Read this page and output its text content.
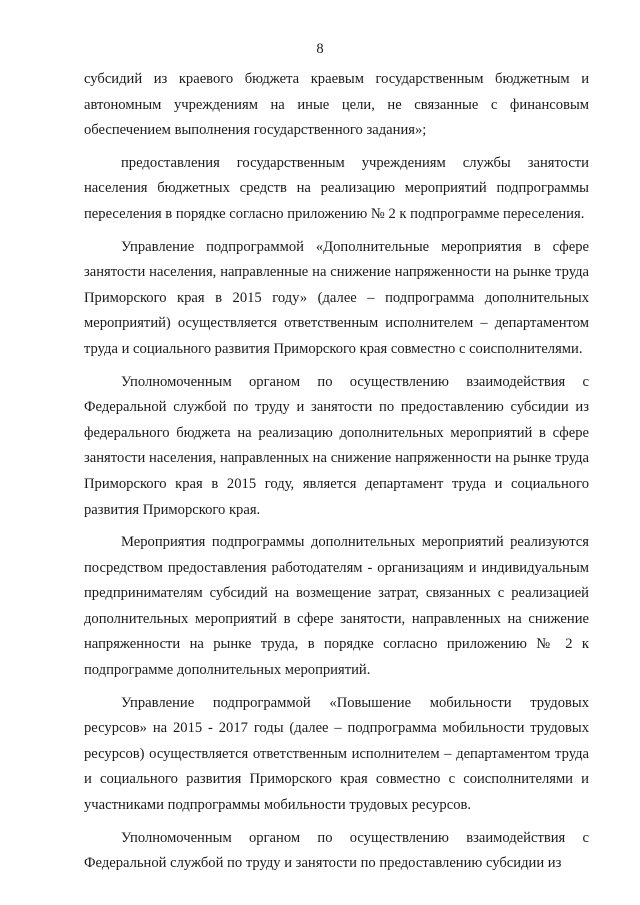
8

субсидий из краевого бюджета краевым государственным бюджетным и автономным учреждениям на иные цели, не связанные с финансовым обеспечением выполнения государственного задания»;

предоставления государственным учреждениям службы занятости населения бюджетных средств на реализацию мероприятий подпрограммы переселения в порядке согласно приложению № 2 к подпрограмме переселения.

Управление подпрограммой «Дополнительные мероприятия в сфере занятости населения, направленные на снижение напряженности на рынке труда Приморского края в 2015 году» (далее – подпрограмма дополнительных мероприятий) осуществляется ответственным исполнителем – департаментом труда и социального развития Приморского края совместно с соисполнителями.

Уполномоченным органом по осуществлению взаимодействия с Федеральной службой по труду и занятости по предоставлению субсидии из федерального бюджета на реализацию дополнительных мероприятий в сфере занятости населения, направленных на снижение напряженности на рынке труда Приморского края в 2015 году, является департамент труда и социального развития Приморского края.

Мероприятия подпрограммы дополнительных мероприятий реализуются посредством предоставления работодателям - организациям и индивидуальным предпринимателям субсидий на возмещение затрат, связанных с реализацией дополнительных мероприятий в сфере занятости, направленных на снижение напряженности на рынке труда, в порядке согласно приложению № 2 к подпрограмме дополнительных мероприятий.

Управление подпрограммой «Повышение мобильности трудовых ресурсов» на 2015 - 2017 годы (далее – подпрограмма мобильности трудовых ресурсов) осуществляется ответственным исполнителем – департаментом труда и социального развития Приморского края совместно с соисполнителями и участниками подпрограммы мобильности трудовых ресурсов.

Уполномоченным органом по осуществлению взаимодействия с Федеральной службой по труду и занятости по предоставлению субсидии из
